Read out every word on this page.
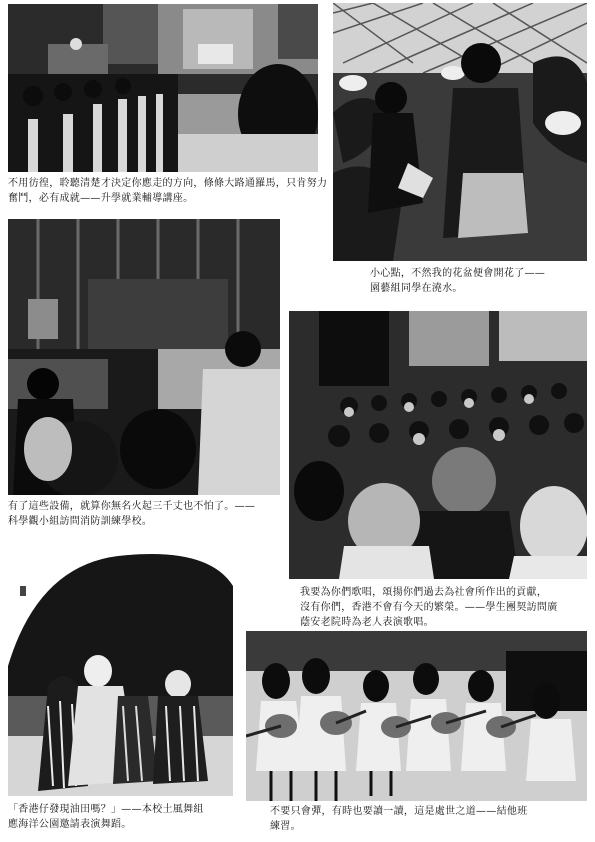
不用彷徨，聆聽清楚才決定你應走的方向，條條大路通羅馬，只肯努力奮鬥，必有成就——升學就業輔導講座。
小心點，不然我的花盆便會開花了——
園藝組同學在澆水。
有了這些設備，就算你無名火起三千丈也不怕了。——
科學觀小組訪問消防訓練學校。
我要為你們歌唱，頌揚你們過去為社會所作出的貢獻，
沒有你們，香港不會有今天的繁榮。——學生團契訪問廣
蔭安老院時為老人表演歌唱。
「香港仔發現油田嗎？」——本校土風舞組
應海洋公園邀請表演舞蹈。
不要只會彈，有時也要讀一讀，這是處世之道——結他班
練習。
